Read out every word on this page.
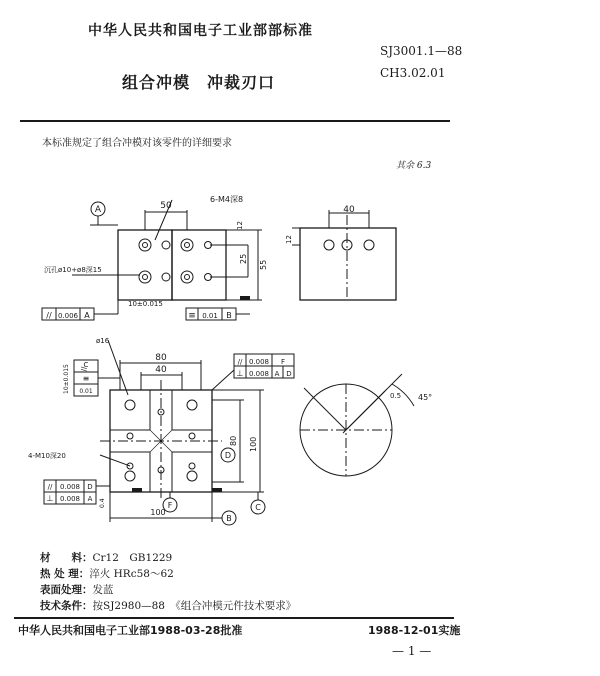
中华人民共和国电子工业部部标准
SJ3001.1—88
组合冲模　冲裁刃口	CH3.02.01
本标准规定了组合冲模对该零件的详细要求
其余 6.3
A	50
6-M4深8
25
55
12
沉孔ø10+ø8深15
10±0.015
// 0.006 A	≡ 0.01 B
40
12
F
B
C
D
80
40
ø16
4-M10深20
80 100
100
10±0.015
0.4
// 0.008 F
⊥ 0.008 A D
// 0.008 D
⊥ 0.008 A
//
C
≡
0.01
0.5 45°
材　　料：Cr12　GB1229
热 处 理：淬火 HRc58～62
表面处理：发蓝
技术条件：按SJ2980—88　《组合冲模元件技术要求》
中华人民共和国电子工业部1988-03-28批准	1988-12-01实施
— 1 —
